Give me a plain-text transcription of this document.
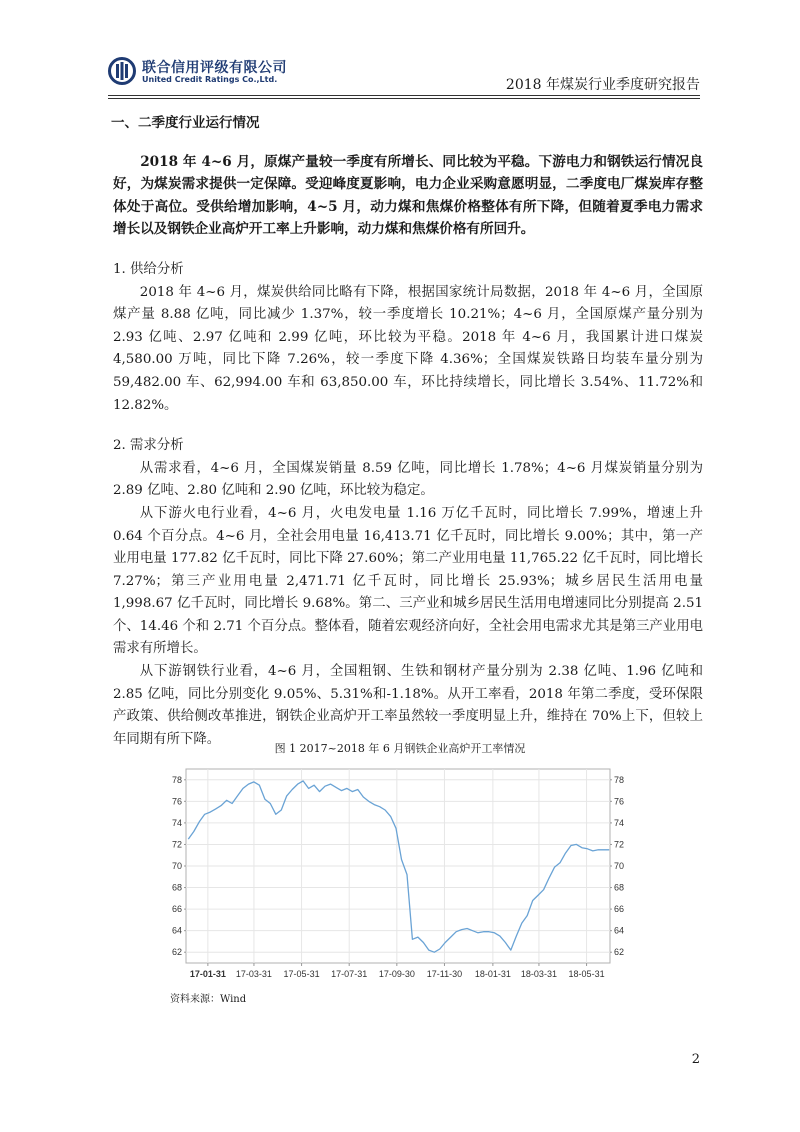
联合信用评级有限公司
United Credit Ratings Co.,Ltd.	2018 年煤炭行业季度研究报告
一、二季度行业运行情况

2018 年 4~6 月，原煤产量较一季度有所增长、同比较为平稳。下游电力和钢铁运行情况良好，为煤炭需求提供一定保障。受迎峰度夏影响，电力企业采购意愿明显，二季度电厂煤炭库存整体处于高位。受供给增加影响，4~5 月，动力煤和焦煤价格整体有所下降，但随着夏季电力需求增长以及钢铁企业高炉开工率上升影响，动力煤和焦煤价格有所回升。

1. 供给分析

2018 年 4~6 月，煤炭供给同比略有下降，根据国家统计局数据，2018 年 4~6 月，全国原煤产量 8.88 亿吨，同比减少 1.37%，较一季度增长 10.21%；4~6 月，全国原煤产量分别为 2.93 亿吨、2.97 亿吨和 2.99 亿吨，环比较为平稳。2018 年 4~6 月，我国累计进口煤炭 4,580.00 万吨，同比下降 7.26%，较一季度下降 4.36%；全国煤炭铁路日均装车量分别为 59,482.00 车、62,994.00 车和 63,850.00 车，环比持续增长，同比增长 3.54%、11.72%和 12.82%。

2. 需求分析

从需求看，4~6 月，全国煤炭销量 8.59 亿吨，同比增长 1.78%；4~6 月煤炭销量分别为 2.89 亿吨、2.80 亿吨和 2.90 亿吨，环比较为稳定。

从下游火电行业看，4~6 月，火电发电量 1.16 万亿千瓦时，同比增长 7.99%，增速上升 0.64 个百分点。4~6 月，全社会用电量 16,413.71 亿千瓦时，同比增长 9.00%；其中，第一产业用电量 177.82 亿千瓦时，同比下降 27.60%；第二产业用电量 11,765.22 亿千瓦时，同比增长 7.27%；第三产业用电量 2,471.71 亿千瓦时，同比增长 25.93%；城乡居民生活用电量 1,998.67 亿千瓦时，同比增长 9.68%。第二、三产业和城乡居民生活用电增速同比分别提高 2.51 个、14.46 个和 2.71 个百分点。整体看，随着宏观经济向好，全社会用电需求尤其是第三产业用电需求有所增长。

从下游钢铁行业看，4~6 月，全国粗钢、生铁和钢材产量分别为 2.38 亿吨、1.96 亿吨和 2.85 亿吨，同比分别变化 9.05%、5.31%和-1.18%。从开工率看，2018 年第二季度，受环保限产政策、供给侧改革推进，钢铁企业高炉开工率虽然较一季度明显上升，维持在 70%上下，但较上年同期有所下降。

图 1 2017~2018 年 6 月钢铁企业高炉开工率情况
62	62
64	64
66	66
68	68
70	70
72	72
74	74
76	76
78	78
17-01-31 17-03-31 17-05-31 17-07-31 17-09-30 17-11-30 18-01-31 18-03-31 18-05-31
资料来源：Wind
2
